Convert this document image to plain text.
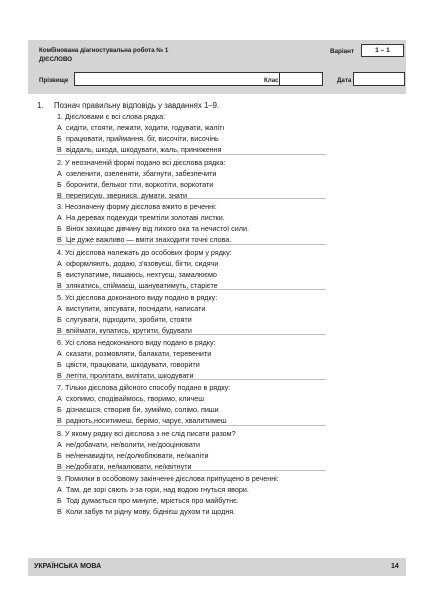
Комбінована діагностувальна робота № 1
ДІЄСЛОВО
Варіант	1 – 1
Прізвище	Клас	Дата
1. Познач правильну відповідь у завданнях 1–9.
1. Дієсловами є всі слова рядка:
А сидіти, стояти, лежати, ходити, годувати, жалітı
Б працювати, приймання, біг, височіти, височінь
В віддаль, шкода, шкодувати, жаль, приниження
2. У неозначеній формі подано всі дієслова рядка:
А озеленити, озеленяти, збагнути, забезпечити
Б боронити, бельког тіти, воркотіти, воркотати
В переписую, звернися, думати, знати
3. Неозначену форму дієслова вжито в реченні:
А На деревах подекуди тремтіли золотаві листки.
Б Вінок захищає дівчину від лихого ока та нечистої сили.
В Це дуже важливо — вміти знаходити точні слова.
4. Усі дієслова належать до особових форм у рядку:
А оформляють, додаю, з'язовуєш, бігти, сидячи
Б виступатиме, пишаюсь, нехтуєш, замалюємо
В злякатись, спіймаєш, шануватимуть, старієте
5. Усі дієслова доконаного виду подано в рядку:
А виступити, зіпсувати, поснідати, написати
Б слугувати, підходити, зробити, стояти
В впіймати, купатись, крутити, будувати
6. Усі слова недоконаного виду подано в рядку:
А сказати, розмовляти, балакати, теревенити
Б цвісти, працювати, шкодувати, говорити
В летіти, пролітати, вилітати, шкодувати
7. Тільки дієслова дійсного способу подано в рядку:
А схопимо, сподіваймось, творимо, кличеш
Б дізнаєшся, створив би, зуміймо, солімо, пиши
В радіють,носитимеш, берімо, чарує, хвалитимеш
8. У якому рядку всі дієслова з не слід писати разом?
А не/добачати, не/волити, не/дооцінювати
Б не/ненавидіти, не/долюблювати, не/жаліти
В не/добігати, не/малювати, не/квітнути
9. Помилки в особовому закінченні дієслова припущено в реченні:
А Там, де зорі сяють з-за гори, над водою гнуться явори.
Б Тоді думається про минуле, мріється про майбутнє.
В Коли забув ти рідну мову, біднієш духом ти щодня.
УКРАЇНСЬКА МОВА	14
